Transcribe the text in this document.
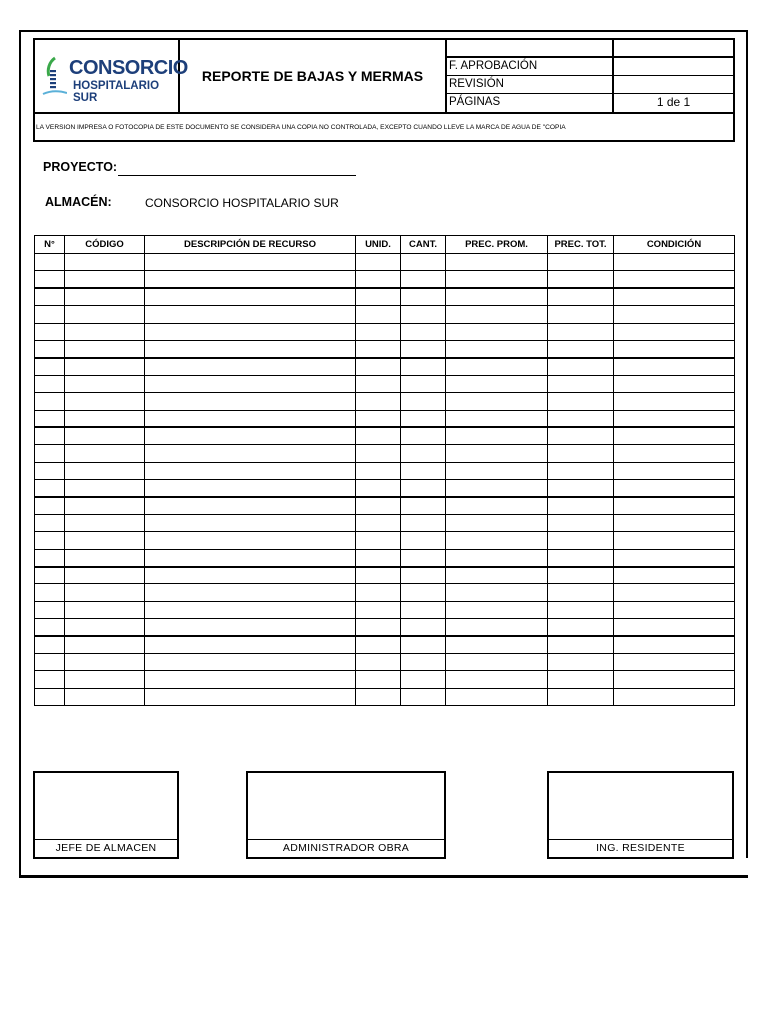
CONSORCIO
HOSPITALARIO SUR
REPORTE DE BAJAS Y MERMAS
F. APROBACIÓN
REVISIÓN
PÁGINAS	1 de 1
LA VERSION IMPRESA O FOTOCOPIA DE ESTE DOCUMENTO SE CONSIDERA UNA COPIA NO CONTROLADA, EXCEPTO CUANDO LLEVE LA MARCA DE AGUA DE "COPIA
PROYECTO:
ALMACÉN:	CONSORCIO HOSPITALARIO SUR
N°	CÓDIGO	DESCRIPCIÓN DE RECURSO	UNID.	CANT.	PREC. PROM.	PREC. TOT.	CONDICIÓN

JEFE DE ALMACEN	ADMINISTRADOR OBRA	ING. RESIDENTE
